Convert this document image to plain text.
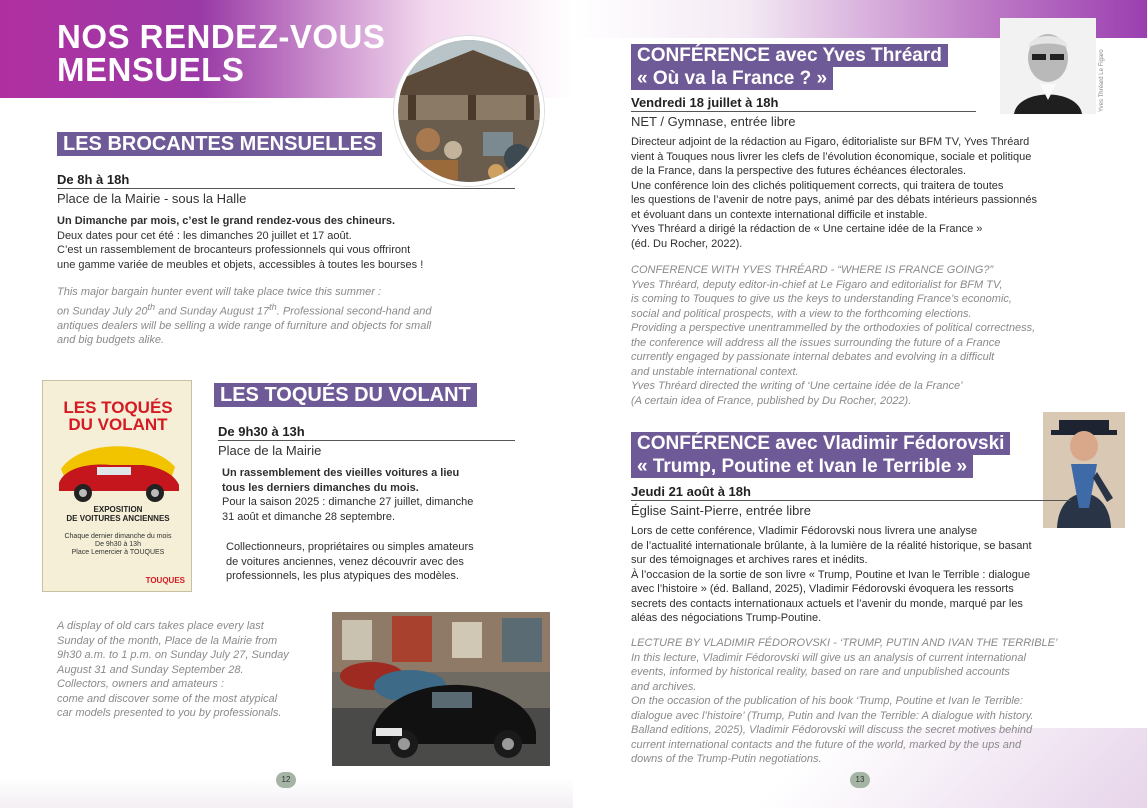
NOS RENDEZ-VOUS
MENSUELS
LES BROCANTES MENSUELLES
De 8h à 18h
Place de la Mairie - sous la Halle
Un Dimanche par mois, c’est le grand rendez-vous des chineurs.
Deux dates pour cet été : les dimanches 20 juillet et 17 août.
C’est un rassemblement de brocanteurs professionnels qui vous offriront
une gamme variée de meubles et objets, accessibles à toutes les bourses !
This major bargain hunter event will take place twice this summer :
on Sunday July 20th and Sunday August 17th. Professional second-hand and
antiques dealers will be selling a wide range of furniture and objects for small
and big budgets alike.
LES TOQUÉS
DU VOLANT
EXPOSITION
DE VOITURES ANCIENNES
Chaque dernier dimanche du mois
De 9h30 à 13h
Place Lemercier à TOUQUES
TOUQUES
LES TOQUÉS DU VOLANT
De 9h30 à 13h
Place de la Mairie
Un rassemblement des vieilles voitures a lieu
tous les derniers dimanches du mois.
Pour la saison 2025 : dimanche 27 juillet, dimanche
31 août et dimanche 28 septembre.
Collectionneurs, propriétaires ou simples amateurs
de voitures anciennes, venez découvrir avec des
professionnels, les plus atypiques des modèles.
A display of old cars takes place every last
Sunday of the month, Place de la Mairie from
9h30 a.m. to 1 p.m. on Sunday July 27, Sunday
August 31 and Sunday September 28.
Collectors, owners and amateurs :
come and discover some of the most atypical
car models presented to you by professionals.
12
CONFÉRENCE avec Yves Thréard
« Où va la France ? »	Yves Thréard Le Figaro
Vendredi 18 juillet à 18h
NET / Gymnase, entrée libre
Directeur adjoint de la rédaction au Figaro, éditorialiste sur BFM TV, Yves Thréard
vient à Touques nous livrer les clefs de l’évolution économique, sociale et politique
de la France, dans la perspective des futures échéances électorales.
Une conférence loin des clichés politiquement corrects, qui traitera de toutes
les questions de l’avenir de notre pays, animé par des débats intérieurs passionnés
et évoluant dans un contexte international difficile et instable.
Yves Thréard a dirigé la rédaction de « Une certaine idée de la France »
(éd. Du Rocher, 2022).
CONFERENCE WITH YVES THRÉARD - “WHERE IS FRANCE GOING?”
Yves Thréard, deputy editor-in-chief at Le Figaro and editorialist for BFM TV,
is coming to Touques to give us the keys to understanding France’s economic,
social and political prospects, with a view to the forthcoming elections.
Providing a perspective unentrammelled by the orthodoxies of political correctness,
the conference will address all the issues surrounding the future of a France
currently engaged by passionate internal debates and evolving in a difficult
and unstable international context.
Yves Thréard directed the writing of ‘Une certaine idée de la France’
(A certain idea of France, published by Du Rocher, 2022).
CONFÉRENCE avec Vladimir Fédorovski
« Trump, Poutine et Ivan le Terrible »
Jeudi 21 août à 18h
Église Saint-Pierre, entrée libre
Lors de cette conférence, Vladimir Fédorovski nous livrera une analyse
de l’actualité internationale brûlante, à la lumière de la réalité historique, se basant
sur des témoignages et archives rares et inédits.
À l’occasion de la sortie de son livre « Trump, Poutine et Ivan le Terrible : dialogue
avec l’histoire » (éd. Balland, 2025), Vladimir Fédorovski évoquera les ressorts
secrets des contacts internationaux actuels et l’avenir du monde, marqué par les
aléas des négociations Trump-Poutine.
LECTURE BY VLADIMIR FÉDOROVSKI - ‘TRUMP, PUTIN AND IVAN THE TERRIBLE’
In this lecture, Vladimir Fédorovski will give us an analysis of current international
events, informed by historical reality, based on rare and unpublished accounts
and archives.
On the occasion of the publication of his book ‘Trump, Poutine et Ivan le Terrible:
dialogue avec l’histoire’ (Trump, Putin and Ivan the Terrible: A dialogue with history.
Balland editions, 2025), Vladimir Fédorovski will discuss the secret motives behind
current international contacts and the future of the world, marked by the ups and
downs of the Trump-Putin negotiations.
13
